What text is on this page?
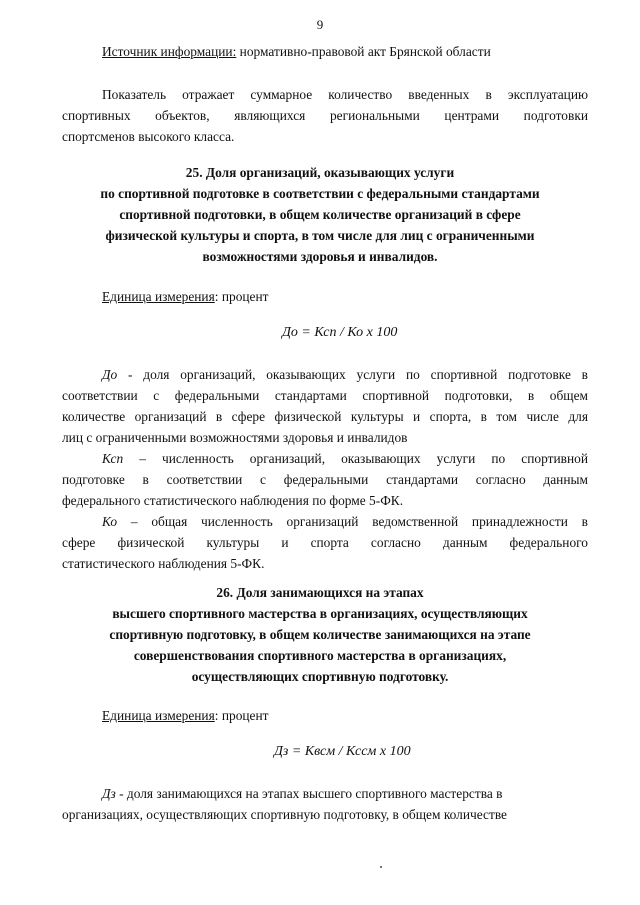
9
Источник информации: нормативно-правовой акт Брянской области
Показатель отражает суммарное количество введенных в эксплуатацию
спортивных объектов, являющихся региональными центрами подготовки
спортсменов высокого класса.
25. Доля организаций, оказывающих услуги
по спортивной подготовке в соответствии с федеральными стандартами
спортивной подготовки, в общем количестве организаций в сфере
физической культуры и спорта, в том числе для лиц с ограниченными
возможностями здоровья и инвалидов.
Единица измерения: процент
До = Ксп / Ко х 100
До - доля организаций, оказывающих услуги по спортивной подготовке в
соответствии с федеральными стандартами спортивной подготовки, в общем
количестве организаций в сфере физической культуры и спорта, в том числе для
лиц с ограниченными возможностями здоровья и инвалидов
Ксп – численность организаций, оказывающих услуги по спортивной
подготовке в соответствии с федеральными стандартами согласно данным
федерального статистического наблюдения по форме 5-ФК.
Ко – общая численность организаций ведомственной принадлежности в
сфере физической культуры и спорта согласно данным федерального
статистического наблюдения 5-ФК.
26. Доля занимающихся на этапах
высшего спортивного мастерства в организациях, осуществляющих
спортивную подготовку, в общем количестве занимающихся на этапе
совершенствования спортивного мастерства в организациях,
осуществляющих спортивную подготовку.
Единица измерения: процент
Дз = Квсм / Кссм х 100
Дз - доля занимающихся на этапах высшего спортивного мастерства в
организациях, осуществляющих спортивную подготовку, в общем количестве
